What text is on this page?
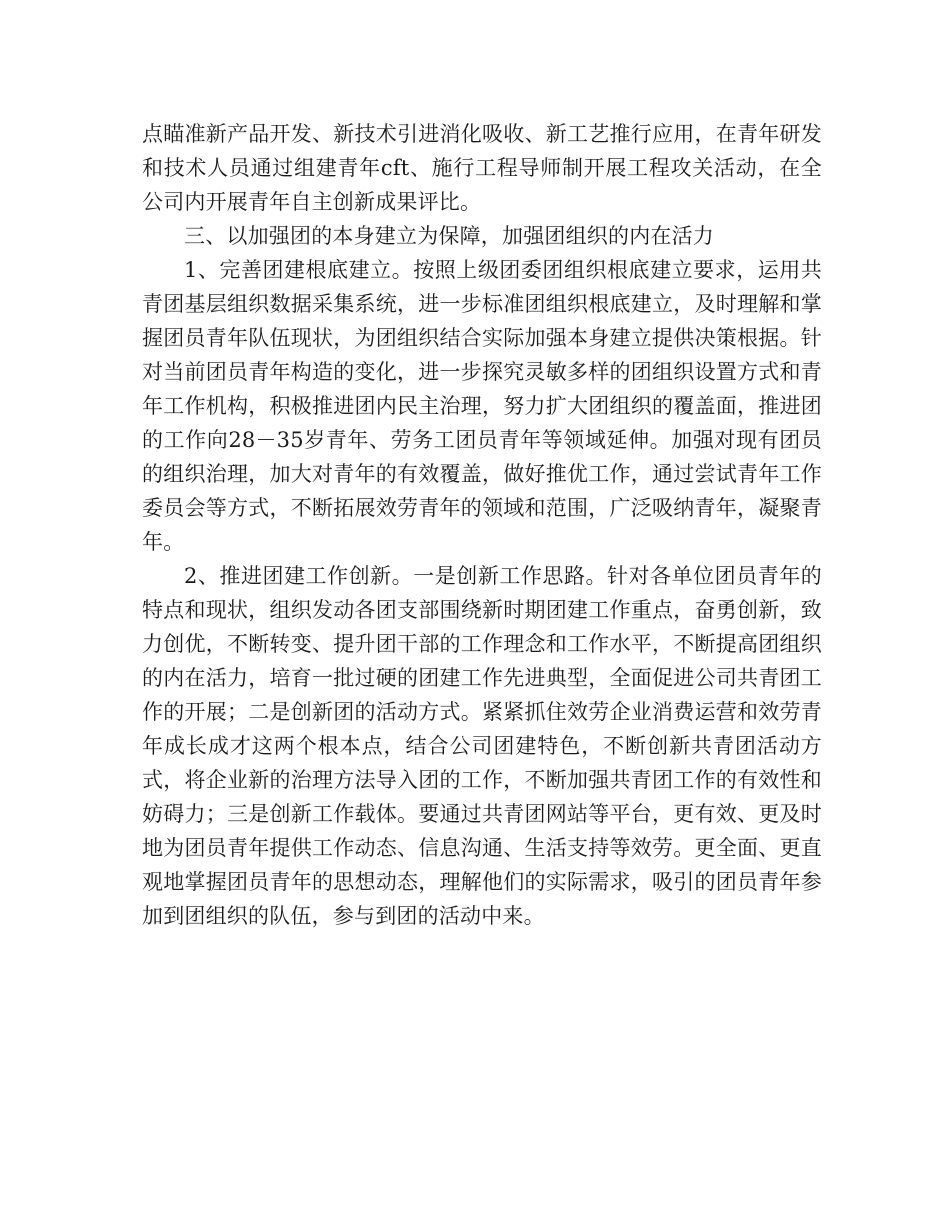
点瞄准新产品开发、新技术引进消化吸收、新工艺推行应用，在青年研发和技术人员通过组建青年cft、施行工程导师制开展工程攻关活动，在全公司内开展青年自主创新成果评比。

三、以加强团的本身建立为保障，加强团组织的内在活力

1、完善团建根底建立。按照上级团委团组织根底建立要求，运用共青团基层组织数据采集系统，进一步标准团组织根底建立，及时理解和掌握团员青年队伍现状，为团组织结合实际加强本身建立提供决策根据。针对当前团员青年构造的变化，进一步探究灵敏多样的团组织设置方式和青年工作机构，积极推进团内民主治理，努力扩大团组织的覆盖面，推进团的工作向28－35岁青年、劳务工团员青年等领域延伸。加强对现有团员的组织治理，加大对青年的有效覆盖，做好推优工作，通过尝试青年工作委员会等方式，不断拓展效劳青年的领域和范围，广泛吸纳青年，凝聚青年。

2、推进团建工作创新。一是创新工作思路。针对各单位团员青年的特点和现状，组织发动各团支部围绕新时期团建工作重点，奋勇创新，致力创优，不断转变、提升团干部的工作理念和工作水平，不断提高团组织的内在活力，培育一批过硬的团建工作先进典型，全面促进公司共青团工作的开展；二是创新团的活动方式。紧紧抓住效劳企业消费运营和效劳青年成长成才这两个根本点，结合公司团建特色，不断创新共青团活动方式，将企业新的治理方法导入团的工作，不断加强共青团工作的有效性和妨碍力；三是创新工作载体。要通过共青团网站等平台，更有效、更及时地为团员青年提供工作动态、信息沟通、生活支持等效劳。更全面、更直观地掌握团员青年的思想动态，理解他们的实际需求，吸引的团员青年参加到团组织的队伍，参与到团的活动中来。
